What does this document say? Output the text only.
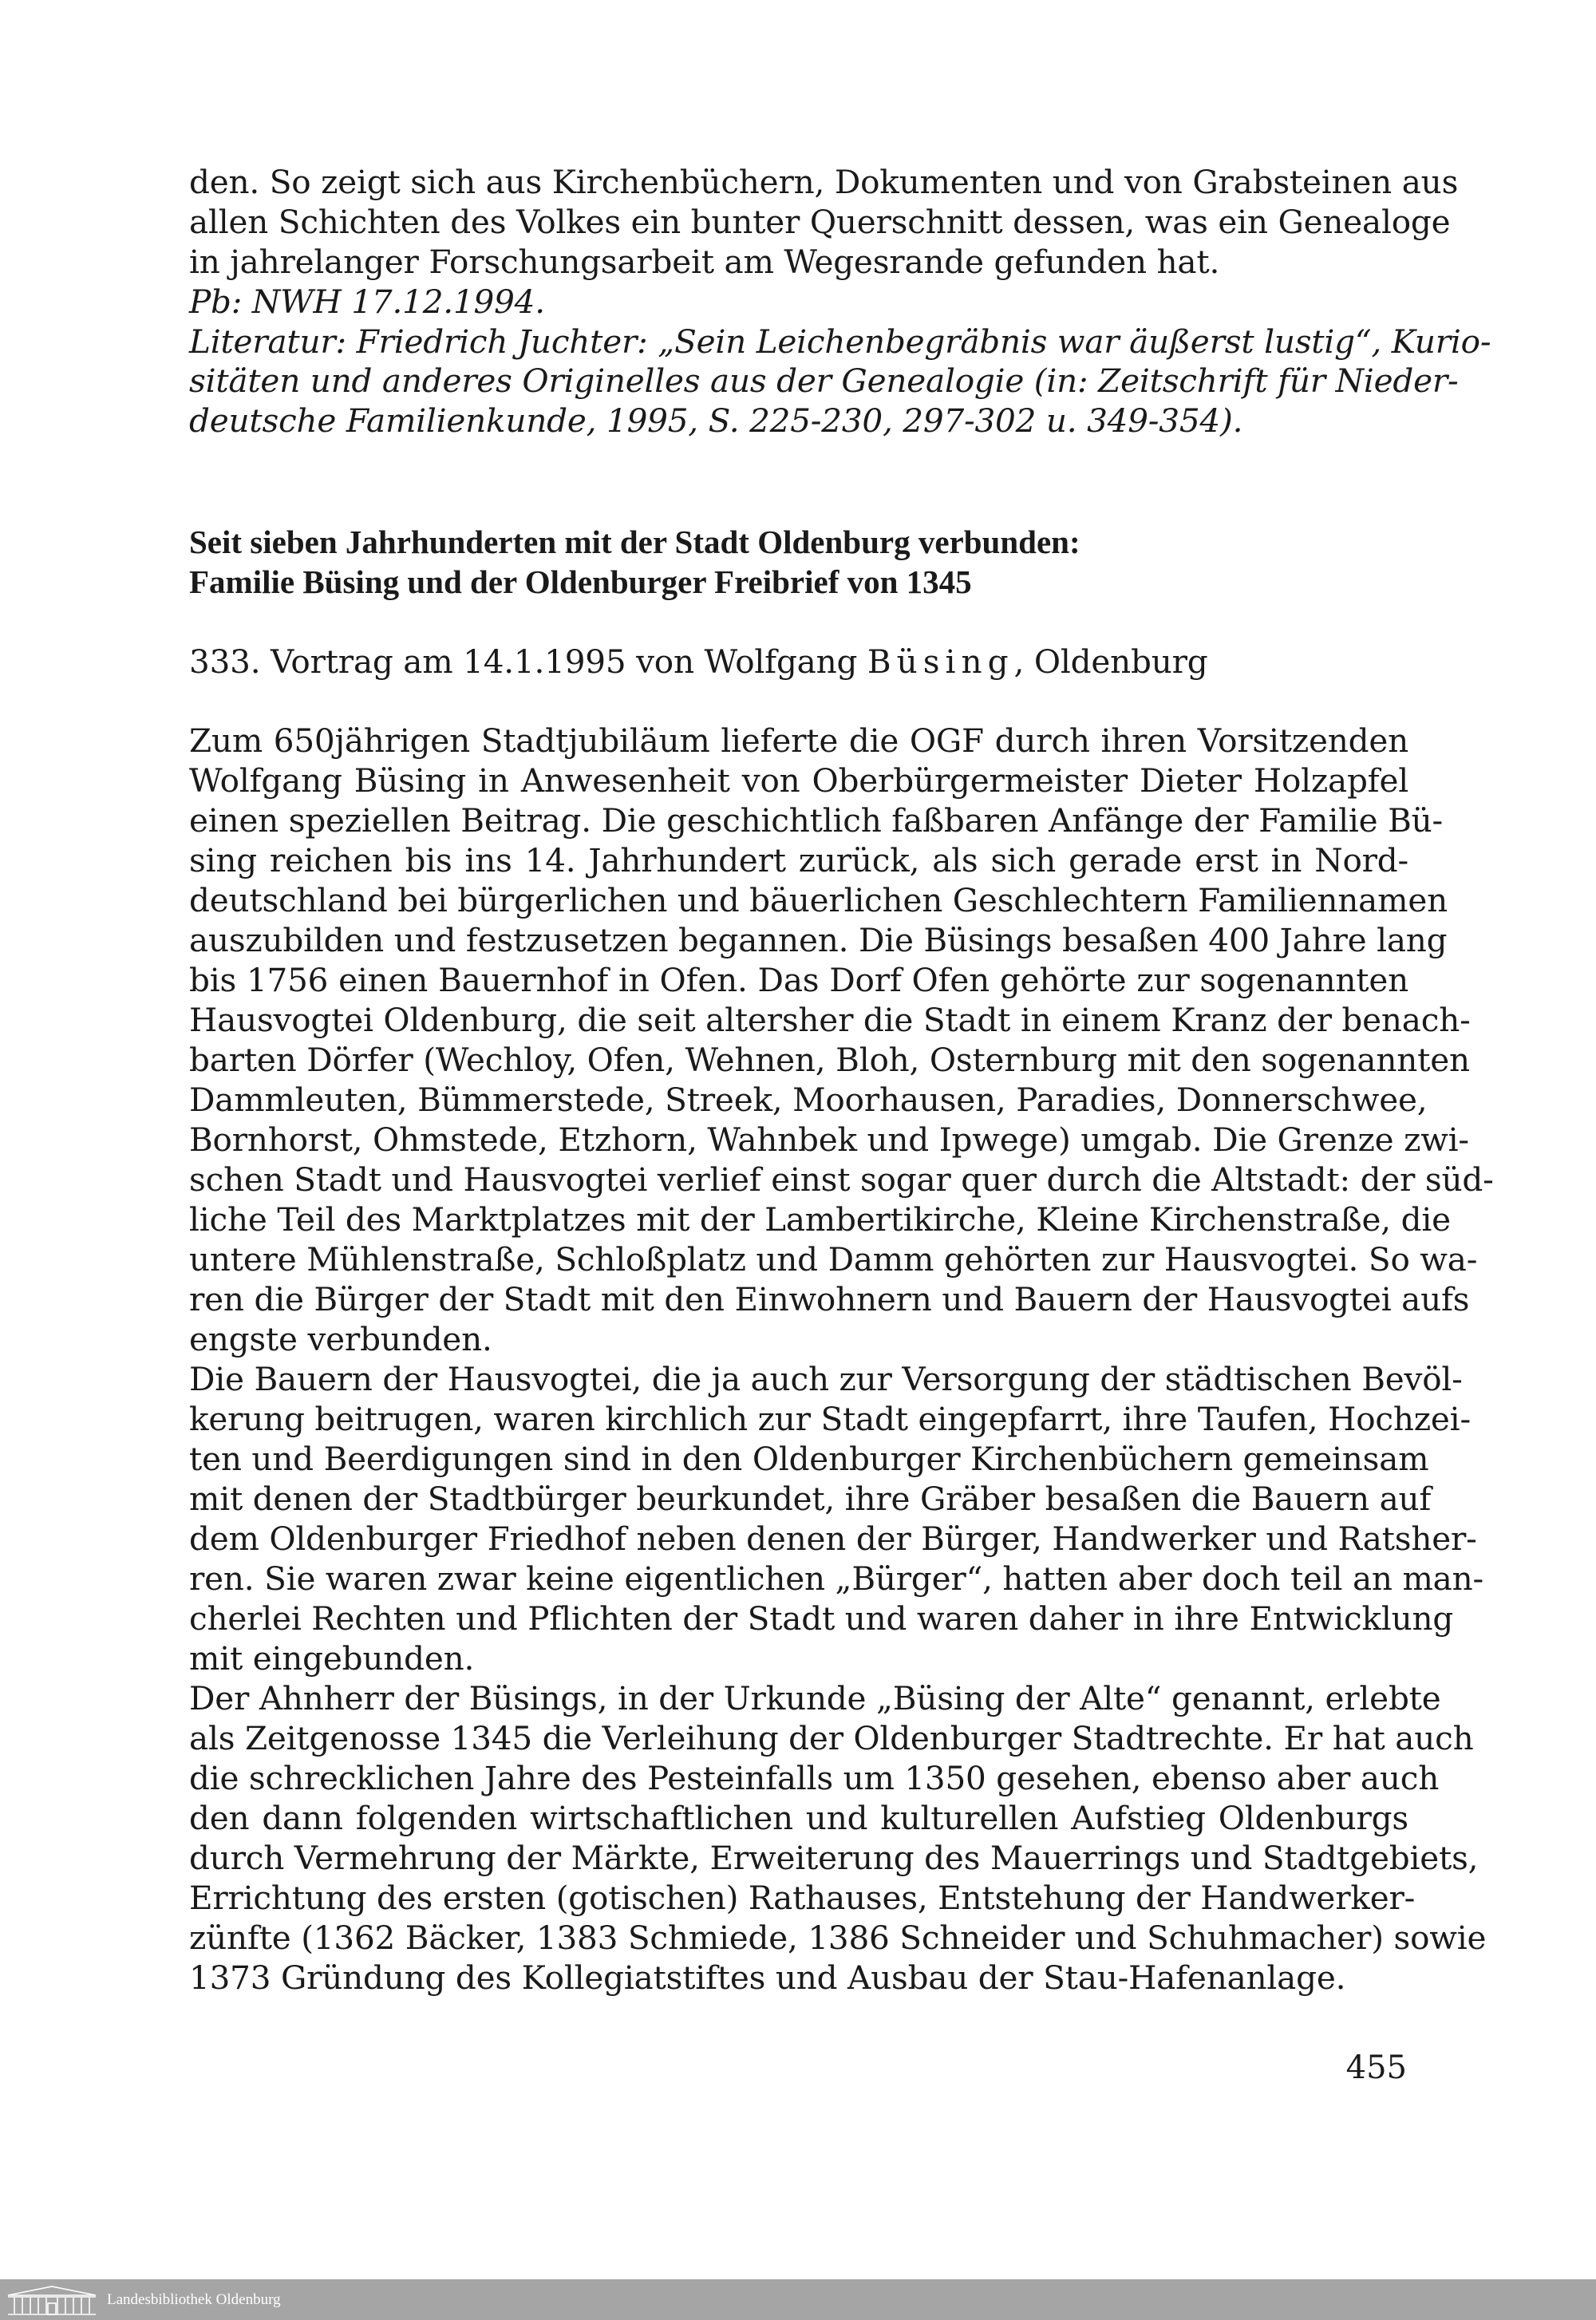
den. So zeigt sich aus Kirchenbüchern, Dokumenten und von Grabsteinen aus
allen Schichten des Volkes ein bunter Querschnitt dessen, was ein Genealoge
in jahrelanger Forschungsarbeit am Wegesrande gefunden hat.
Pb: NWH 17.12.1994.
Literatur: Friedrich Juchter: „Sein Leichenbegräbnis war äußerst lustig“, Kurio-
sitäten und anderes Originelles aus der Genealogie (in: Zeitschrift für Nieder-
deutsche Familienkunde, 1995, S. 225-230, 297-302 u. 349-354).
Seit sieben Jahrhunderten mit der Stadt Oldenburg verbunden:
Familie Büsing und der Oldenburger Freibrief von 1345
333. Vortrag am 14.1.1995 von Wolfgang Büsing, Oldenburg
Zum 650jährigen Stadtjubiläum lieferte die OGF durch ihren Vorsitzenden
Wolfgang Büsing in Anwesenheit von Oberbürgermeister Dieter Holzapfel
einen speziellen Beitrag. Die geschichtlich faßbaren Anfänge der Familie Bü-
sing reichen bis ins 14. Jahrhundert zurück, als sich gerade erst in Nord-
deutschland bei bürgerlichen und bäuerlichen Geschlechtern Familiennamen
auszubilden und festzusetzen begannen. Die Büsings besaßen 400 Jahre lang
bis 1756 einen Bauernhof in Ofen. Das Dorf Ofen gehörte zur sogenannten
Hausvogtei Oldenburg, die seit altersher die Stadt in einem Kranz der benach-
barten Dörfer (Wechloy, Ofen, Wehnen, Bloh, Osternburg mit den sogenannten
Dammleuten, Bümmerstede, Streek, Moorhausen, Paradies, Donnerschwee,
Bornhorst, Ohmstede, Etzhorn, Wahnbek und Ipwege) umgab. Die Grenze zwi-
schen Stadt und Hausvogtei verlief einst sogar quer durch die Altstadt: der süd-
liche Teil des Marktplatzes mit der Lambertikirche, Kleine Kirchenstraße, die
untere Mühlenstraße, Schloßplatz und Damm gehörten zur Hausvogtei. So wa-
ren die Bürger der Stadt mit den Einwohnern und Bauern der Hausvogtei aufs
engste verbunden.
Die Bauern der Hausvogtei, die ja auch zur Versorgung der städtischen Bevöl-
kerung beitrugen, waren kirchlich zur Stadt eingepfarrt, ihre Taufen, Hochzei-
ten und Beerdigungen sind in den Oldenburger Kirchenbüchern gemeinsam
mit denen der Stadtbürger beurkundet, ihre Gräber besaßen die Bauern auf
dem Oldenburger Friedhof neben denen der Bürger, Handwerker und Ratsher-
ren. Sie waren zwar keine eigentlichen „Bürger“, hatten aber doch teil an man-
cherlei Rechten und Pflichten der Stadt und waren daher in ihre Entwicklung
mit eingebunden.
Der Ahnherr der Büsings, in der Urkunde „Büsing der Alte“ genannt, erlebte
als Zeitgenosse 1345 die Verleihung der Oldenburger Stadtrechte. Er hat auch
die schrecklichen Jahre des Pesteinfalls um 1350 gesehen, ebenso aber auch
den dann folgenden wirtschaftlichen und kulturellen Aufstieg Oldenburgs
durch Vermehrung der Märkte, Erweiterung des Mauerrings und Stadtgebiets,
Errichtung des ersten (gotischen) Rathauses, Entstehung der Handwerker-
zünfte (1362 Bäcker, 1383 Schmiede, 1386 Schneider und Schuhmacher) sowie
1373 Gründung des Kollegiatstiftes und Ausbau der Stau-Hafenanlage.
455
Landesbibliothek Oldenburg
